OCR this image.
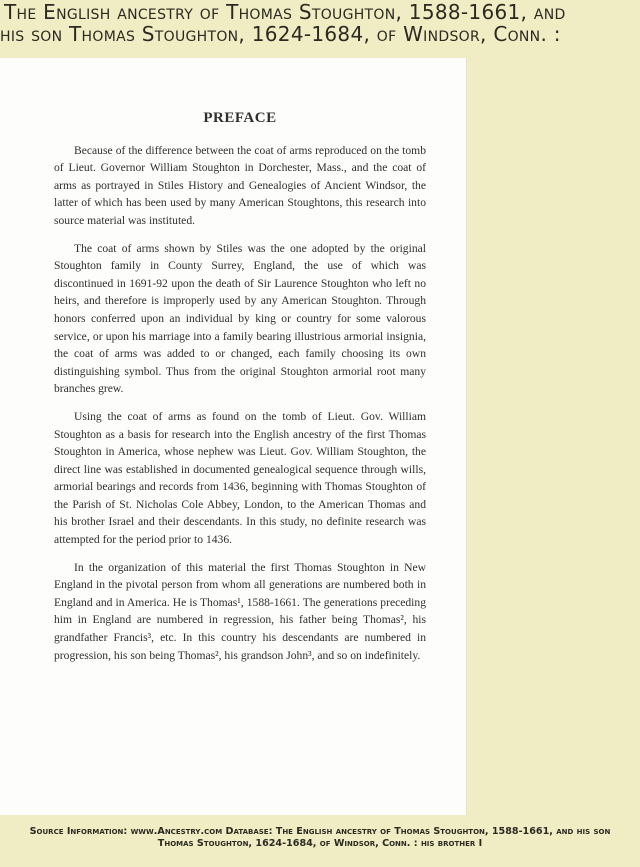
The English ancestry of Thomas Stoughton, 1588-1661, and
his son Thomas Stoughton, 1624-1684, of Windsor, Conn. :
PREFACE

Because of the difference between the coat of arms reproduced on the tomb of Lieut. Governor William Stoughton in Dorchester, Mass., and the coat of arms as portrayed in Stiles History and Genealogies of Ancient Windsor, the latter of which has been used by many American Stoughtons, this research into source material was instituted.

The coat of arms shown by Stiles was the one adopted by the original Stoughton family in County Surrey, England, the use of which was discontinued in 1691-92 upon the death of Sir Laurence Stoughton who left no heirs, and therefore is improperly used by any American Stoughton. Through honors conferred upon an individual by king or country for some valorous service, or upon his marriage into a family bearing illustrious armorial insignia, the coat of arms was added to or changed, each family choosing its own distinguishing symbol. Thus from the original Stoughton armorial root many branches grew.

Using the coat of arms as found on the tomb of Lieut. Gov. William Stoughton as a basis for research into the English ancestry of the first Thomas Stoughton in America, whose nephew was Lieut. Gov. William Stoughton, the direct line was established in documented genealogical sequence through wills, armorial bearings and records from 1436, beginning with Thomas Stoughton of the Parish of St. Nicholas Cole Abbey, London, to the American Thomas and his brother Israel and their descendants. In this study, no definite research was attempted for the period prior to 1436.

In the organization of this material the first Thomas Stoughton in New England in the pivotal person from whom all generations are numbered both in England and in America. He is Thomas¹, 1588-1661. The generations preceding him in England are numbered in regression, his father being Thomas², his grandfather Francis³, etc. In this country his descendants are numbered in progression, his son being Thomas², his grandson John³, and so on indefinitely.

Source Information: www.Ancestry.com Database: The English ancestry of Thomas Stoughton, 1588-1661, and his son
Thomas Stoughton, 1624-1684, of Windsor, Conn. : his brother I
